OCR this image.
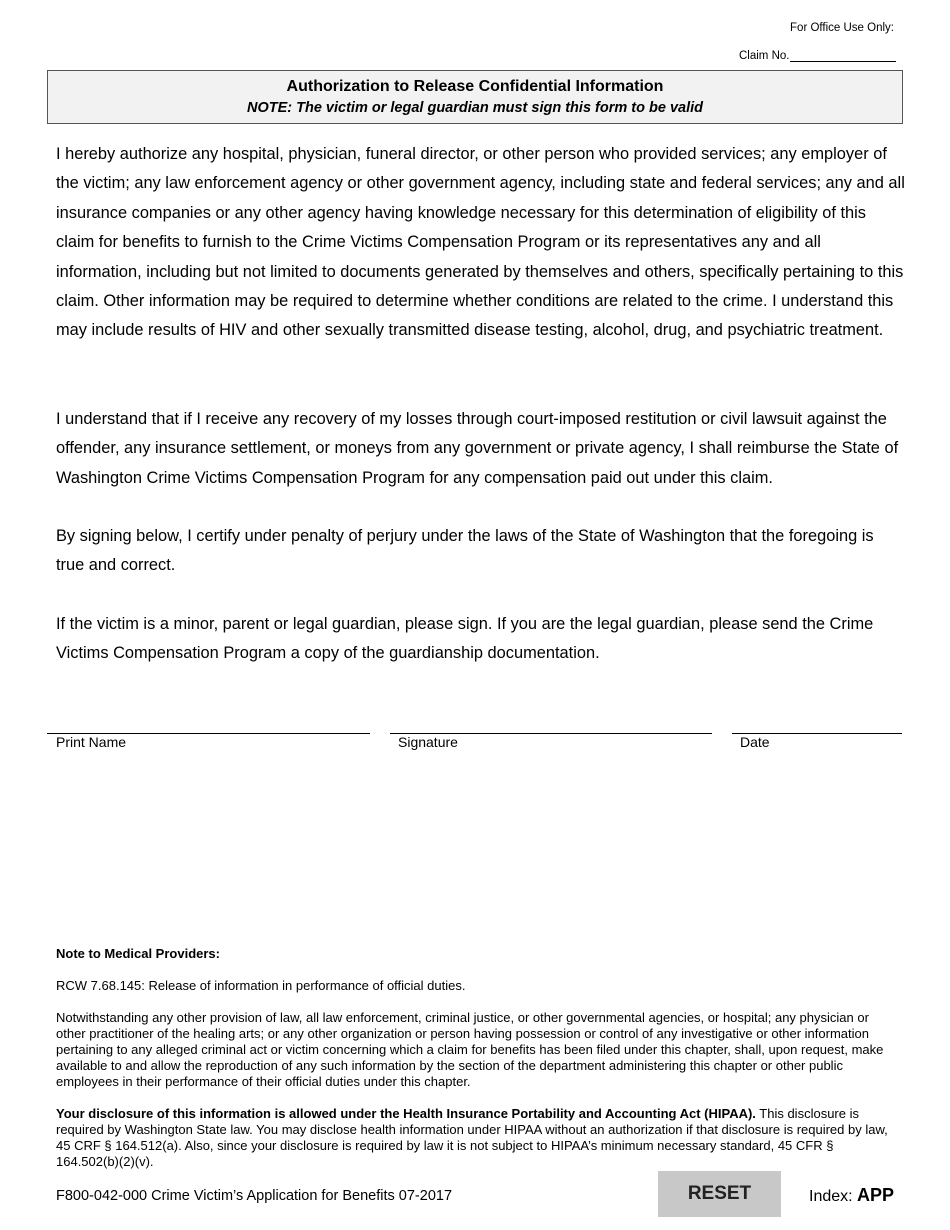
For Office Use Only:
Claim No.
Authorization to Release Confidential Information
NOTE: The victim or legal guardian must sign this form to be valid

I hereby authorize any hospital, physician, funeral director, or other person who provided services; any employer of the victim; any law enforcement agency or other government agency, including state and federal services; any and all insurance companies or any other agency having knowledge necessary for this determination of eligibility of this claim for benefits to furnish to the Crime Victims Compensation Program or its representatives any and all information, including but not limited to documents generated by themselves and others, specifically pertaining to this claim. Other information may be required to determine whether conditions are related to the crime. I understand this may include results of HIV and other sexually transmitted disease testing, alcohol, drug, and psychiatric treatment.

I understand that if I receive any recovery of my losses through court-imposed restitution or civil lawsuit against the offender, any insurance settlement, or moneys from any government or private agency, I shall reimburse the State of Washington Crime Victims Compensation Program for any compensation paid out under this claim.

By signing below, I certify under penalty of perjury under the laws of the State of Washington that the foregoing is true and correct.

If the victim is a minor, parent or legal guardian, please sign. If you are the legal guardian, please send the Crime Victims Compensation Program a copy of the guardianship documentation.

Print Name	Signature	Date
Note to Medical Providers:
RCW 7.68.145: Release of information in performance of official duties.
Notwithstanding any other provision of law, all law enforcement, criminal justice, or other governmental agencies, or hospital; any physician or other practitioner of the healing arts; or any other organization or person having possession or control of any investigative or other information pertaining to any alleged criminal act or victim concerning which a claim for benefits has been filed under this chapter, shall, upon request, make available to and allow the reproduction of any such information by the section of the department administering this chapter or other public employees in their performance of their official duties under this chapter.
Your disclosure of this information is allowed under the Health Insurance Portability and Accounting Act (HIPAA). This disclosure is required by Washington State law. You may disclose health information under HIPAA without an authorization if that disclosure is required by law, 45 CRF § 164.512(a). Also, since your disclosure is required by law it is not subject to HIPAA’s minimum necessary standard, 45 CFR § 164.502(b)(2)(v).
F800-042-000 Crime Victim’s Application for Benefits 07-2017	RESET	Index: APP
